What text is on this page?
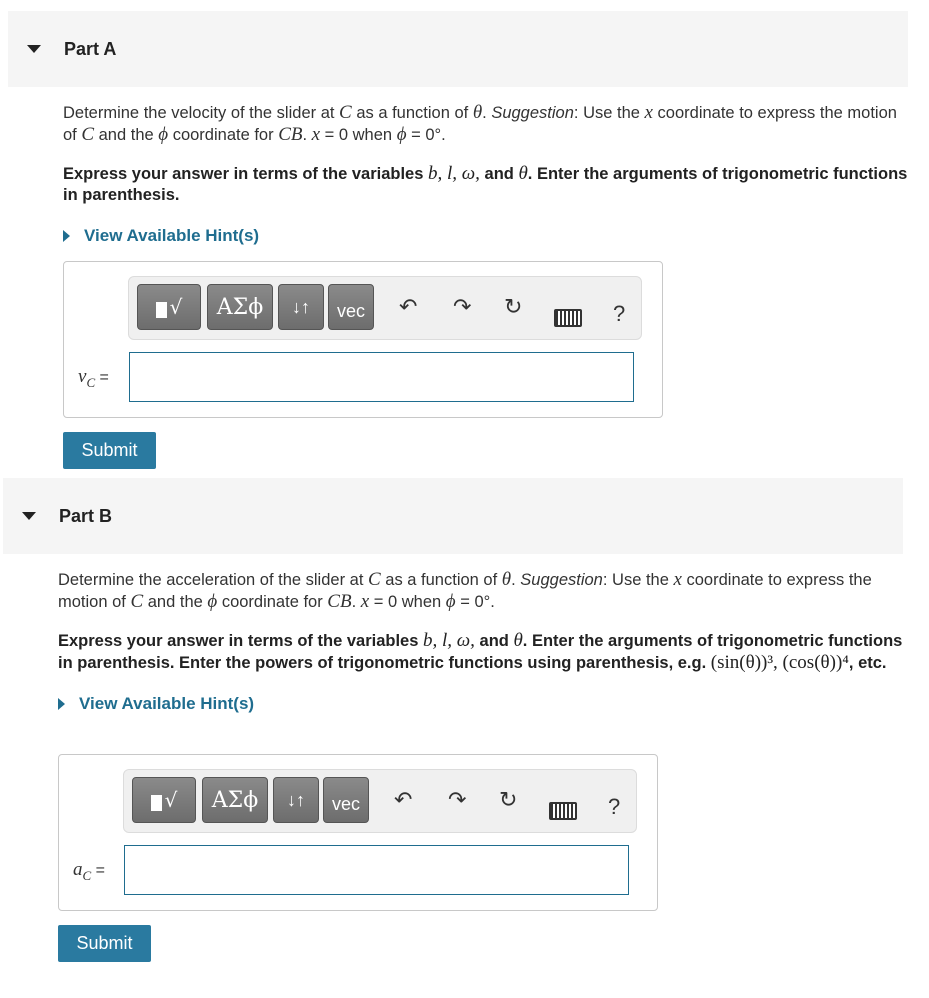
Part A

Determine the velocity of the slider at C as a function of θ. Suggestion: Use the x coordinate to express the motion of C and the ϕ coordinate for CB. x = 0 when ϕ = 0°.

Express your answer in terms of the variables b, l, ω, and θ. Enter the arguments of trigonometric functions in parenthesis.

View Available Hint(s)
√ ΑΣϕ ↓↑ vec ↶ ↷ ↻	?
$v_C$ =
Submit
Part B

Determine the acceleration of the slider at C as a function of θ. Suggestion: Use the x coordinate to express the motion of C and the ϕ coordinate for CB. x = 0 when ϕ = 0°.

Express your answer in terms of the variables b, l, ω, and θ. Enter the arguments of trigonometric functions in parenthesis. Enter the powers of trigonometric functions using parenthesis, e.g. (sin(θ))³, (cos(θ))⁴, etc.

View Available Hint(s)
√ ΑΣϕ ↓↑ vec ↶ ↷ ↻	?
$a_C$ =
Submit
